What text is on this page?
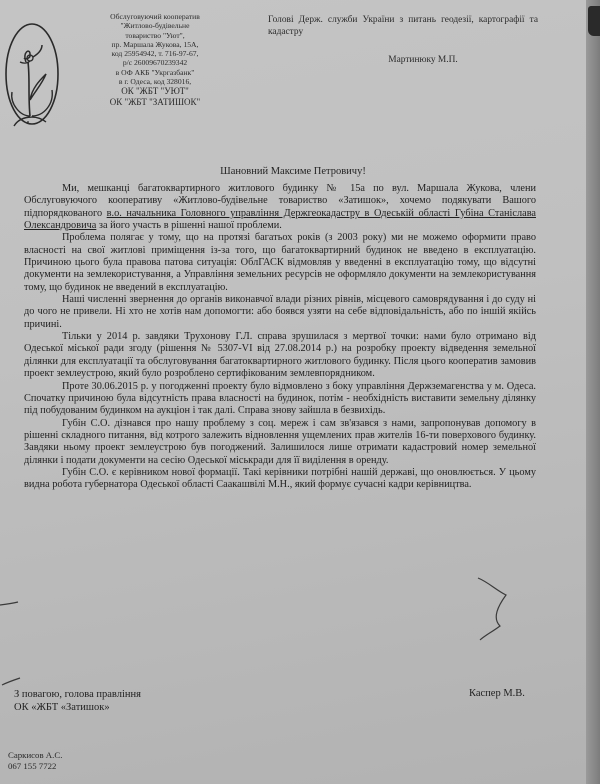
Обслуговуючий кооператив
"Житлово-будівельне
товариство "Уют",
пр. Маршала Жукова, 15А,
код 25954942, т. 716-97-67,
р/с 26009670239342
в ОФ АКБ "Укргазбанк"
в г. Одеса, код 328016,
ОК "ЖБТ "УЮТ"
ОК "ЖБТ "ЗАТИШОК"
Голові Держ. служби України з питань геодезії, картографії та кадастру
Мартинюку М.П.
Шановний Максиме Петровичу!

Ми, мешканці багатоквартирного житлового будинку № 15а по вул. Маршала Жукова, члени Обслуговуючого кооперативу «Житлово-будівельне товариство «Затишок», хочемо подякувати Вашого підпорядкованого в.о. начальника Головного управління Держгеокадастру в Одеській області Губіна Станіслава Олександровича за його участь в рішенні нашої проблеми.

Проблема полягає у тому, що на протязі багатьох років (з 2003 року) ми не можемо оформити право власності на свої житлові приміщення із-за того, що багатоквартирний будинок не введено в експлуатацію. Причиною цього була правова патова ситуація: ОблГАСК відмовляв у введенні в експлуатацію тому, що відсутні документи на землекористування, а Управління земельних ресурсів не оформляло документи на землекористування тому, що будинок не введений в експлуатацію.

Наші численні звернення до органів виконавчої влади різних рівнів, місцевого самоврядування і до суду ні до чого не привели. Ні хто не хотів нам допомогти: або боявся узяти на себе відповідальність, або по іншій якійсь причині.

Тільки у 2014 р. завдяки Трухонову Г.Л. справа зрушилася з мертвої точки: нами було отримано від Одеської міської ради згоду (рішення № 5307-VI від 27.08.2014 р.) на розробку проекту відведення земельної ділянки для експлуатації та обслуговування багатоквартирного житлового будинку. Після цього кооператив замовив проект землеустрою, який було розроблено сертифікованим землевпорядником.

Проте 30.06.2015 р. у погодженні проекту було відмовлено з боку управління Держземагенства у м. Одеса. Спочатку причиною була відсутність права власності на будинок, потім - необхідність виставити земельну ділянку під побудованим будинком на аукціон і так далі. Справа знову зайшла в безвихідь.

Губін С.О. дізнався про нашу проблему з соц. мереж і сам зв'язався з нами, запропонував допомогу в рішенні складного питання, від котрого залежить відновлення ущемлених прав жителів 16-ти поверхового будинку. Завдяки ньому проект землеустрою був погоджений. Залишилося лише отримати кадастровий номер земельної ділянки і подати документи на сесію Одеської міськради для її виділення в оренду.

Губін С.О. є керівником нової формації. Такі керівники потрібні нашій державі, що оновлюється. У цьому видна робота губернатора Одеської області Саакашвілі М.Н., який формує сучасні кадри керівництва.

З повагою, голова правління
ОК «ЖБТ «Затишок»
Каспер М.В.
Саркисов А.С.
067 155 7722
